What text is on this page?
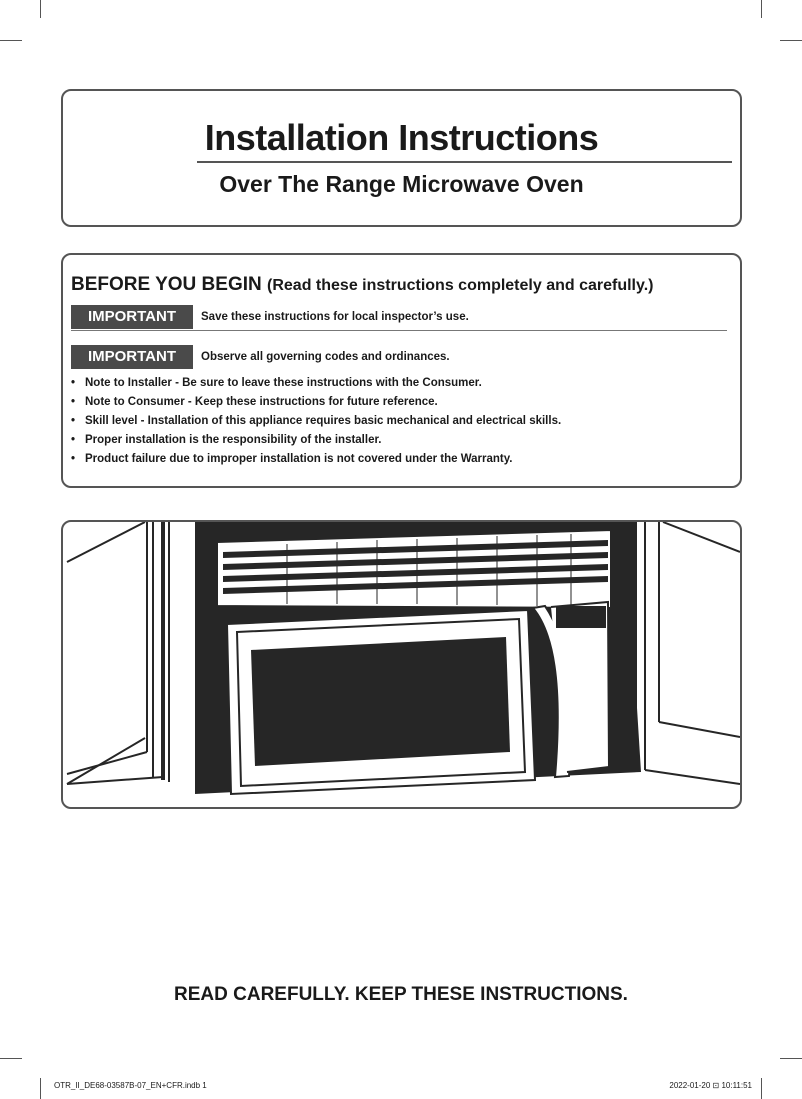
Installation Instructions
Over The Range Microwave Oven
BEFORE YOU BEGIN (Read these instructions completely and carefully.)
IMPORTANT	Save these instructions for local inspector’s use.
IMPORTANT	Observe all governing codes and ordinances.
• Note to Installer - Be sure to leave these instructions with the Consumer.
• Note to Consumer - Keep these instructions for future reference.
• Skill level - Installation of this appliance requires basic mechanical and electrical skills.
• Proper installation is the responsibility of the installer.
• Product failure due to improper installation is not covered under the Warranty.
READ CAREFULLY. KEEP THESE INSTRUCTIONS.
OTR_II_DE68-03587B-07_EN+CFR.indb 1	2022-01-20 ⊡ 10:11:51
